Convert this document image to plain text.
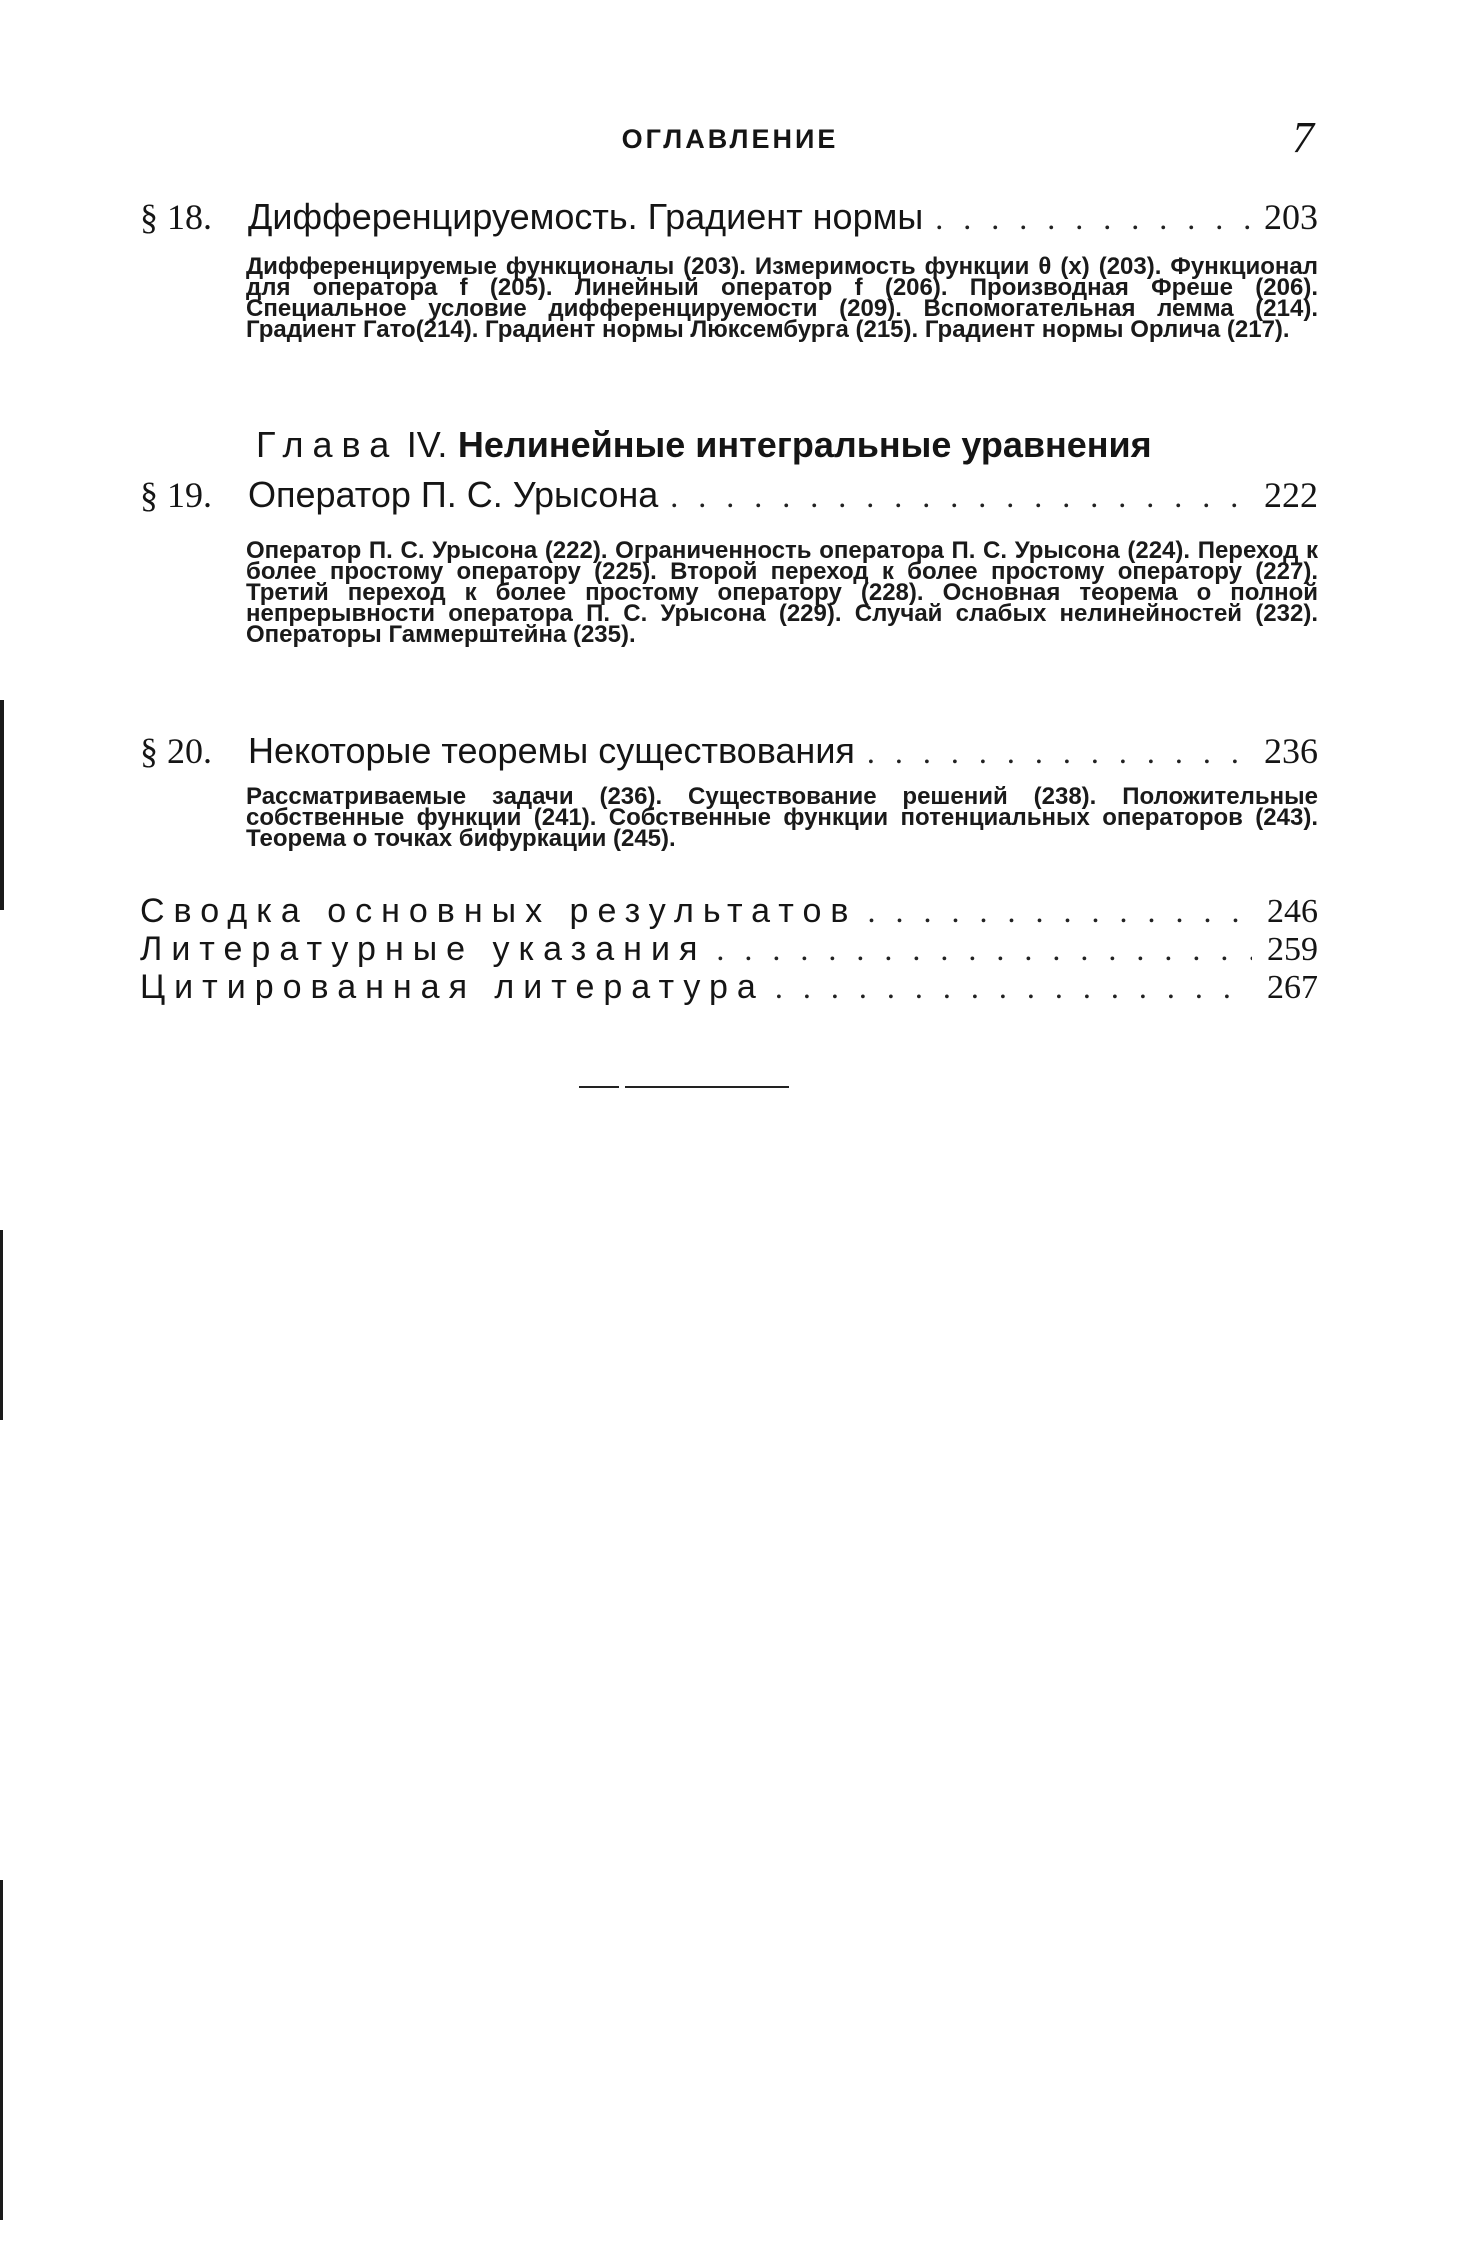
ОГЛАВЛЕНИЕ	7
§ 18.	Дифференцируемость. Градиент нормы . . .	203
Дифференцируемые функционалы (203). Измеримость функции θ (x) (203). Функционал для оператора f (205). Линейный оператор f (206). Производная Фреше (206). Специальное условие дифференцируемости (209). Вспомогательная лемма (214). Градиент Гато(214). Градиент нормы Люксембурга (215). Градиент нормы Орлича (217).
Глава IV. Нелинейные интегральные уравнения
§ 19.	Оператор П. С. Урысона . . .	222
Оператор П. С. Урысона (222). Ограниченность оператора П. С. Урысона (224). Переход к более простому оператору (225). Второй переход к более простому оператору (227). Третий переход к более простому оператору (228). Основная теорема о полной непрерывности оператора П. С. Урысона (229). Случай слабых нелинейностей (232). Операторы Гаммерштейна (235).
§ 20.	Некоторые теоремы существования . . .	236
Рассматриваемые задачи (236). Существование решений (238). Положительные собственные функции (241). Собственные функции потенциальных операторов (243). Теорема о точках бифуркации (245).
Сводка основных результатов . . .	246
Литературные указания . . .	259
Цитированная литература . . .	267
